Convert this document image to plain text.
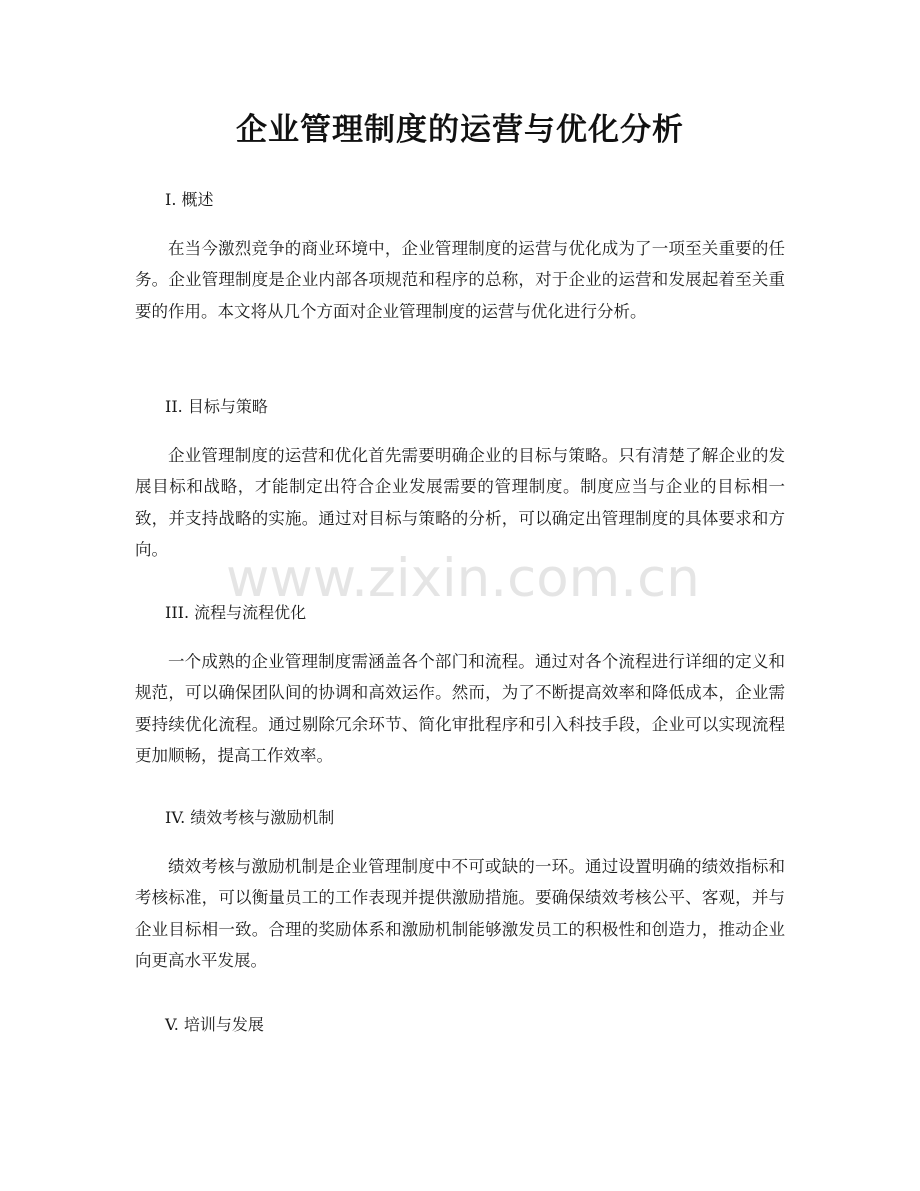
企业管理制度的运营与优化分析
I. 概述

在当今激烈竞争的商业环境中，企业管理制度的运营与优化成为了一项至关重要的任务。企业管理制度是企业内部各项规范和程序的总称，对于企业的运营和发展起着至关重要的作用。本文将从几个方面对企业管理制度的运营与优化进行分析。

II. 目标与策略

企业管理制度的运营和优化首先需要明确企业的目标与策略。只有清楚了解企业的发展目标和战略，才能制定出符合企业发展需要的管理制度。制度应当与企业的目标相一致，并支持战略的实施。通过对目标与策略的分析，可以确定出管理制度的具体要求和方向。

III. 流程与流程优化

一个成熟的企业管理制度需涵盖各个部门和流程。通过对各个流程进行详细的定义和规范，可以确保团队间的协调和高效运作。然而，为了不断提高效率和降低成本，企业需要持续优化流程。通过剔除冗余环节、简化审批程序和引入科技手段，企业可以实现流程更加顺畅，提高工作效率。

IV. 绩效考核与激励机制

绩效考核与激励机制是企业管理制度中不可或缺的一环。通过设置明确的绩效指标和考核标准，可以衡量员工的工作表现并提供激励措施。要确保绩效考核公平、客观，并与企业目标相一致。合理的奖励体系和激励机制能够激发员工的积极性和创造力，推动企业向更高水平发展。

V. 培训与发展
www.zixin.com.cn
